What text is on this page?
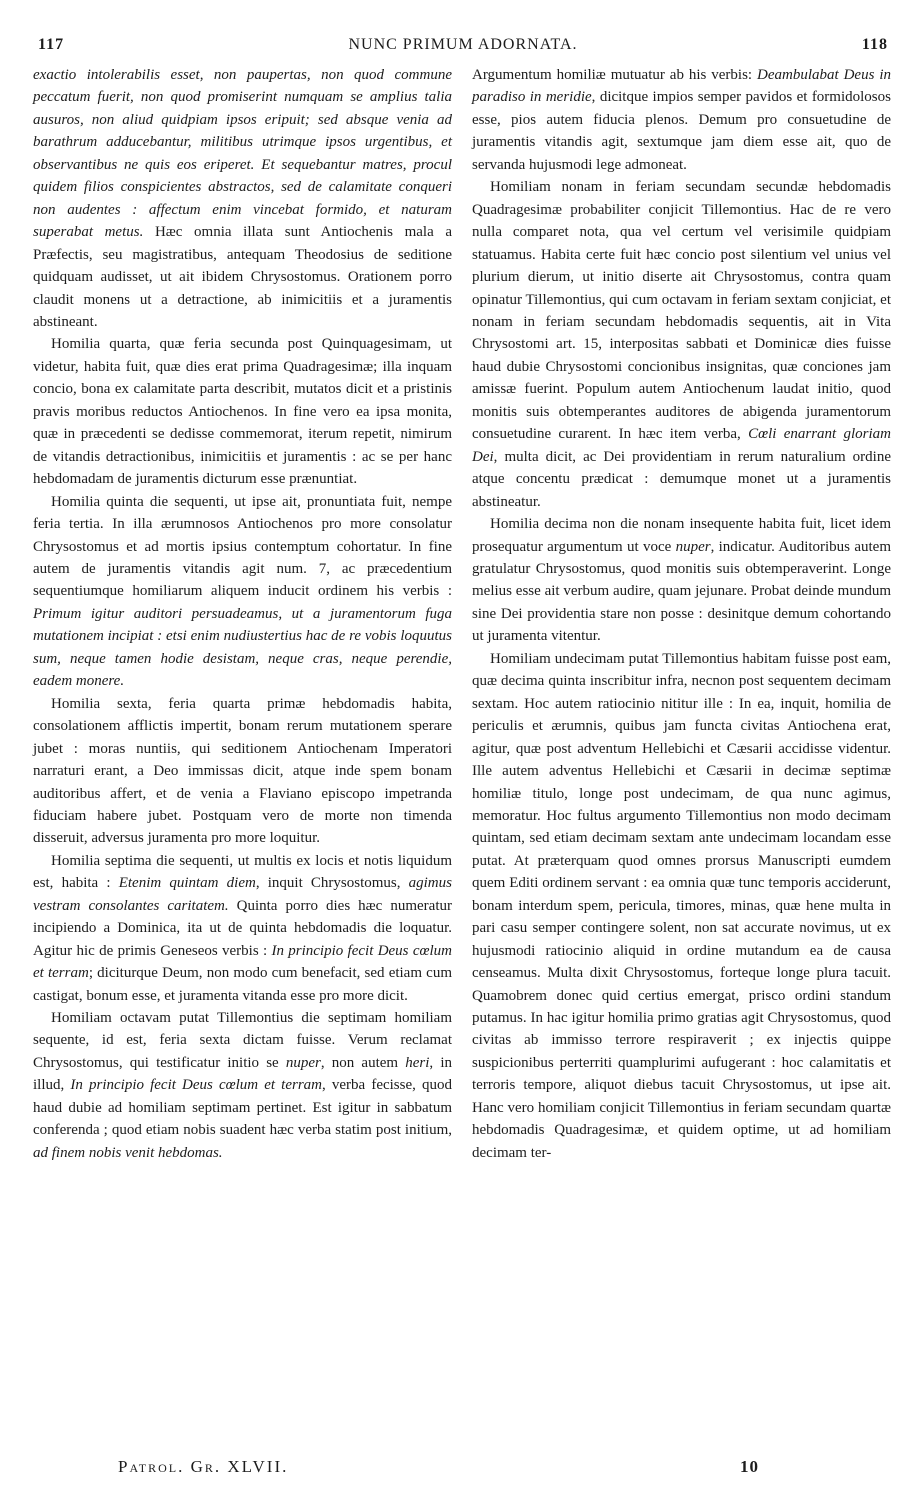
117	NUNC PRIMUM ADORNATA.	118

exactio intolerabilis esset, non paupertas, non quod commune peccatum fuerit, non quod promiserint numquam se amplius talia ausuros, non aliud quidpiam ipsos eripuit; sed absque venia ad barathrum adducebantur, militibus utrimque ipsos urgentibus, et observantibus ne quis eos eriperet. Et sequebantur matres, procul quidem filios conspicientes abstractos, sed de calamitate conqueri non audentes : affectum enim vincebat formido, et naturam superabat metus. Hæc omnia illata sunt Antiochenis mala a Præfectis, seu magistratibus, antequam Theodosius de seditione quidquam audisset, ut ait ibidem Chrysostomus. Orationem porro claudit monens ut a detractione, ab inimicitiis et a juramentis abstineant.

Homilia quarta, quæ feria secunda post Quinquagesimam, ut videtur, habita fuit, quæ dies erat prima Quadragesimæ; illa inquam concio, bona ex calamitate parta describit, mutatos dicit et a pristinis pravis moribus reductos Antiochenos. In fine vero ea ipsa monita, quæ in præcedenti se dedisse commemorat, iterum repetit, nimirum de vitandis detractionibus, inimicitiis et juramentis : ac se per hanc hebdomadam de juramentis dicturum esse prænuntiat.

Homilia quinta die sequenti, ut ipse ait, pronuntiata fuit, nempe feria tertia. In illa ærumnosos Antiochenos pro more consolatur Chrysostomus et ad mortis ipsius contemptum cohortatur. In fine autem de juramentis vitandis agit num. 7, ac præcedentium sequentiumque homiliarum aliquem inducit ordinem his verbis : Primum igitur auditori persuadeamus, ut a juramentorum fuga mutationem incipiat : etsi enim nudiustertius hac de re vobis loquutus sum, neque tamen hodie desistam, neque cras, neque perendie, eadem monere.

Homilia sexta, feria quarta primæ hebdomadis habita, consolationem afflictis impertit, bonam rerum mutationem sperare jubet : moras nuntiis, qui seditionem Antiochenam Imperatori narraturi erant, a Deo immissas dicit, atque inde spem bonam auditoribus affert, et de venia a Flaviano episcopo impetranda fiduciam habere jubet. Postquam vero de morte non timenda disseruit, adversus juramenta pro more loquitur.

Homilia septima die sequenti, ut multis ex locis et notis liquidum est, habita : Etenim quintam diem, inquit Chrysostomus, agimus vestram consolantes caritatem. Quinta porro dies hæc numeratur incipiendo a Dominica, ita ut de quinta hebdomadis die loquatur. Agitur hic de primis Geneseos verbis : In principio fecit Deus cœlum et terram; diciturque Deum, non modo cum benefacit, sed etiam cum castigat, bonum esse, et juramenta vitanda esse pro more dicit.

Homiliam octavam putat Tillemontius die septimam homiliam sequente, id est, feria sexta dictam fuisse. Verum reclamat Chrysostomus, qui testificatur initio se nuper, non autem heri, in illud, In principio fecit Deus cœlum et terram, verba fecisse, quod haud dubie ad homiliam septimam pertinet. Est igitur in sabbatum conferenda ; quod etiam nobis suadent hæc verba statim post initium, ad finem nobis venit hebdomas.

Argumentum homiliæ mutuatur ab his verbis: Deambulabat Deus in paradiso in meridie, dicitque impios semper pavidos et formidolosos esse, pios autem fiducia plenos. Demum pro consuetudine de juramentis vitandis agit, sextumque jam diem esse ait, quo de servanda hujusmodi lege admoneat.

Homiliam nonam in feriam secundam secundæ hebdomadis Quadragesimæ probabiliter conjicit Tillemontius. Hac de re vero nulla comparet nota, qua vel certum vel verisimile quidpiam statuamus. Habita certe fuit hæc concio post silentium vel unius vel plurium dierum, ut initio diserte ait Chrysostomus, contra quam opinatur Tillemontius, qui cum octavam in feriam sextam conjiciat, et nonam in feriam secundam hebdomadis sequentis, ait in Vita Chrysostomi art. 15, interpositas sabbati et Dominicæ dies fuisse haud dubie Chrysostomi concionibus insignitas, quæ conciones jam amissæ fuerint. Populum autem Antiochenum laudat initio, quod monitis suis obtemperantes auditores de abigenda juramentorum consuetudine curarent. In hæc item verba, Cœli enarrant gloriam Dei, multa dicit, ac Dei providentiam in rerum naturalium ordine atque concentu prædicat : demumque monet ut a juramentis abstineatur.

Homilia decima non die nonam insequente habita fuit, licet idem prosequatur argumentum ut voce nuper, indicatur. Auditoribus autem gratulatur Chrysostomus, quod monitis suis obtemperaverint. Longe melius esse ait verbum audire, quam jejunare. Probat deinde mundum sine Dei providentia stare non posse : desinitque demum cohortando ut juramenta vitentur.

Homiliam undecimam putat Tillemontius habitam fuisse post eam, quæ decima quinta inscribitur infra, necnon post sequentem decimam sextam. Hoc autem ratiocinio nititur ille : In ea, inquit, homilia de periculis et ærumnis, quibus jam functa civitas Antiochena erat, agitur, quæ post adventum Hellebichi et Cæsarii accidisse videntur. Ille autem adventus Hellebichi et Cæsarii in decimæ septimæ homiliæ titulo, longe post undecimam, de qua nunc agimus, memoratur. Hoc fultus argumento Tillemontius non modo decimam quintam, sed etiam decimam sextam ante undecimam locandam esse putat. At præterquam quod omnes prorsus Manuscripti eumdem quem Editi ordinem servant : ea omnia quæ tunc temporis acciderunt, bonam interdum spem, pericula, timores, minas, quæ hene multa in pari casu semper contingere solent, non sat accurate novimus, ut ex hujusmodi ratiocinio aliquid in ordine mutandum ea de causa censeamus. Multa dixit Chrysostomus, forteque longe plura tacuit. Quamobrem donec quid certius emergat, prisco ordini standum putamus. In hac igitur homilia primo gratias agit Chrysostomus, quod civitas ab immisso terrore respiraverit ; ex injectis quippe suspicionibus perterriti quamplurimi aufugerant : hoc calamitatis et terroris tempore, aliquot diebus tacuit Chrysostomus, ut ipse ait. Hanc vero homiliam conjicit Tillemontius in feriam secundam quartæ hebdomadis Quadragesimæ, et quidem optime, ut ad homiliam decimam ter-

Patrol. Gr. XLVII.	10
